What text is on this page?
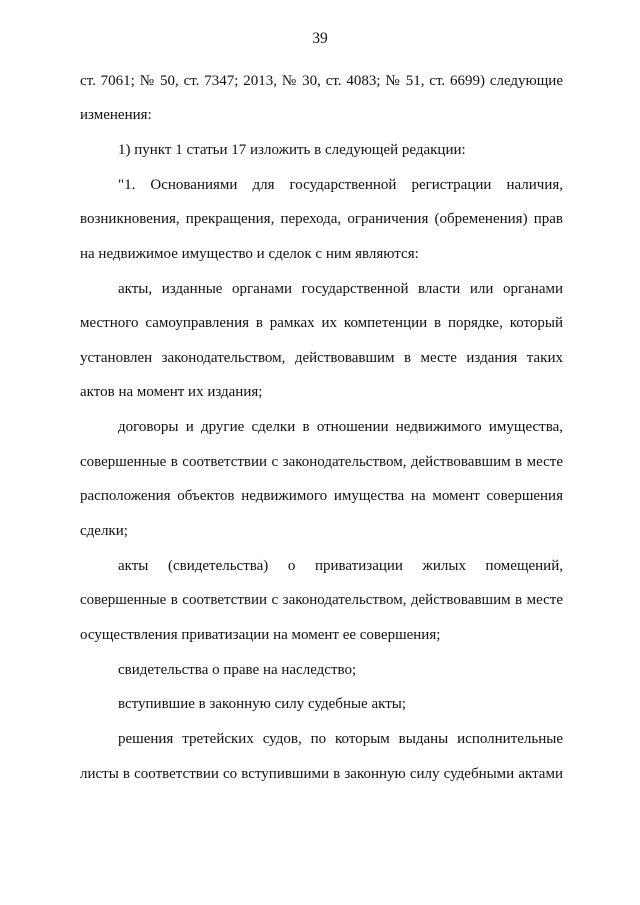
39
ст. 7061; № 50, ст. 7347; 2013, № 30, ст. 4083; № 51, ст. 6699) следующие
изменения:
1) пункт 1 статьи 17 изложить в следующей редакции:
"1. Основаниями для государственной регистрации наличия,
возникновения, прекращения, перехода, ограничения (обременения) прав
на недвижимое имущество и сделок с ним являются:
акты, изданные органами государственной власти или органами
местного самоуправления в рамках их компетенции в порядке, который
установлен законодательством, действовавшим в месте издания таких
актов на момент их издания;
договоры и другие сделки в отношении недвижимого имущества,
совершенные в соответствии с законодательством, действовавшим в месте
расположения объектов недвижимого имущества на момент совершения
сделки;
акты (свидетельства) о приватизации жилых помещений,
совершенные в соответствии с законодательством, действовавшим в месте
осуществления приватизации на момент ее совершения;
свидетельства о праве на наследство;
вступившие в законную силу судебные акты;
решения третейских судов, по которым выданы исполнительные
листы в соответствии со вступившими в законную силу судебными актами
